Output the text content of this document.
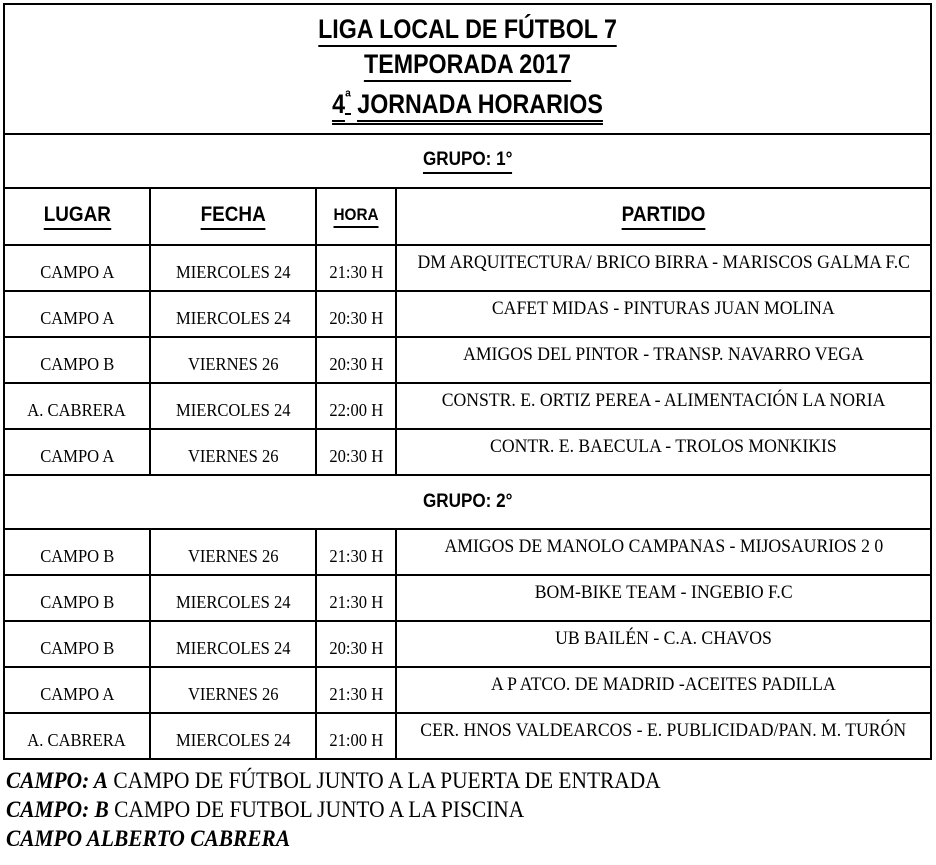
LIGA LOCAL DE FÚTBOL 7
TEMPORADA 2017
4ª JORNADA HORARIOS			

GRUPO: 1°			
LUGAR	FECHA	HORA	PARTIDO
CAMPO A	MIERCOLES 24	21:30 H	DM ARQUITECTURA/ BRICO BIRRA - MARISCOS GALMA F.C
CAMPO A	MIERCOLES 24	20:30 H	CAFET MIDAS - PINTURAS JUAN MOLINA
CAMPO B	VIERNES 26	20:30 H	AMIGOS DEL PINTOR - TRANSP. NAVARRO VEGA
A. CABRERA	MIERCOLES 24	22:00 H	CONSTR. E. ORTIZ PEREA - ALIMENTACIÓN LA NORIA
CAMPO A	VIERNES 26	20:30 H	CONTR. E. BAECULA - TROLOS MONKIKIS
GRUPO: 2°			
CAMPO B	VIERNES 26	21:30 H	AMIGOS DE MANOLO CAMPANAS - MIJOSAURIOS 2 0
CAMPO B	MIERCOLES 24	21:30 H	BOM-BIKE TEAM - INGEBIO F.C
CAMPO B	MIERCOLES 24	20:30 H	UB BAILÉN - C.A. CHAVOS
CAMPO A	VIERNES 26	21:30 H	A P ATCO. DE MADRID -ACEITES PADILLA
A. CABRERA	MIERCOLES 24	21:00 H	CER. HNOS VALDEARCOS - E. PUBLICIDAD/PAN. M. TURÓN
CAMPO: A CAMPO DE FÚTBOL JUNTO A LA PUERTA DE ENTRADA
CAMPO: B CAMPO DE FUTBOL JUNTO A LA PISCINA
CAMPO ALBERTO CABRERA
